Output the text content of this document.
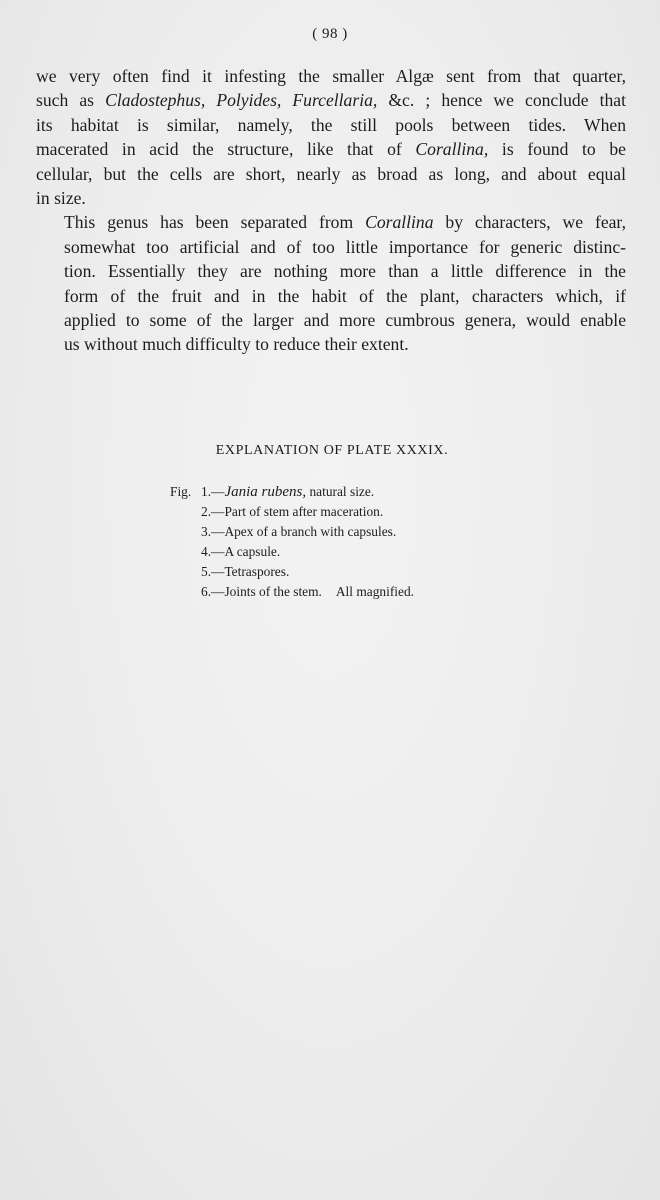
( 98 )

we very often find it infesting the smaller Algæ sent from that quarter,
such as Cladostephus, Polyides, Furcellaria, &c. ; hence we conclude that
its habitat is similar, namely, the still pools between tides. When
macerated in acid the structure, like that of Corallina, is found to be
cellular, but the cells are short, nearly as broad as long, and about equal
in size.

This genus has been separated from Corallina by characters, we fear,
somewhat too artificial and of too little importance for generic distinc-
tion. Essentially they are nothing more than a little difference in the
form of the fruit and in the habit of the plant, characters which, if
applied to some of the larger and more cumbrous genera, would enable
us without much difficulty to reduce their extent.

EXPLANATION OF PLATE XXXIX.
Fig. 1. — Jania rubens, natural size.
2. — Part of stem after maceration.
3. — Apex of a branch with capsules.
4. — A capsule.
5. — Tetraspores.
6. — Joints of the stem. All magnified.
